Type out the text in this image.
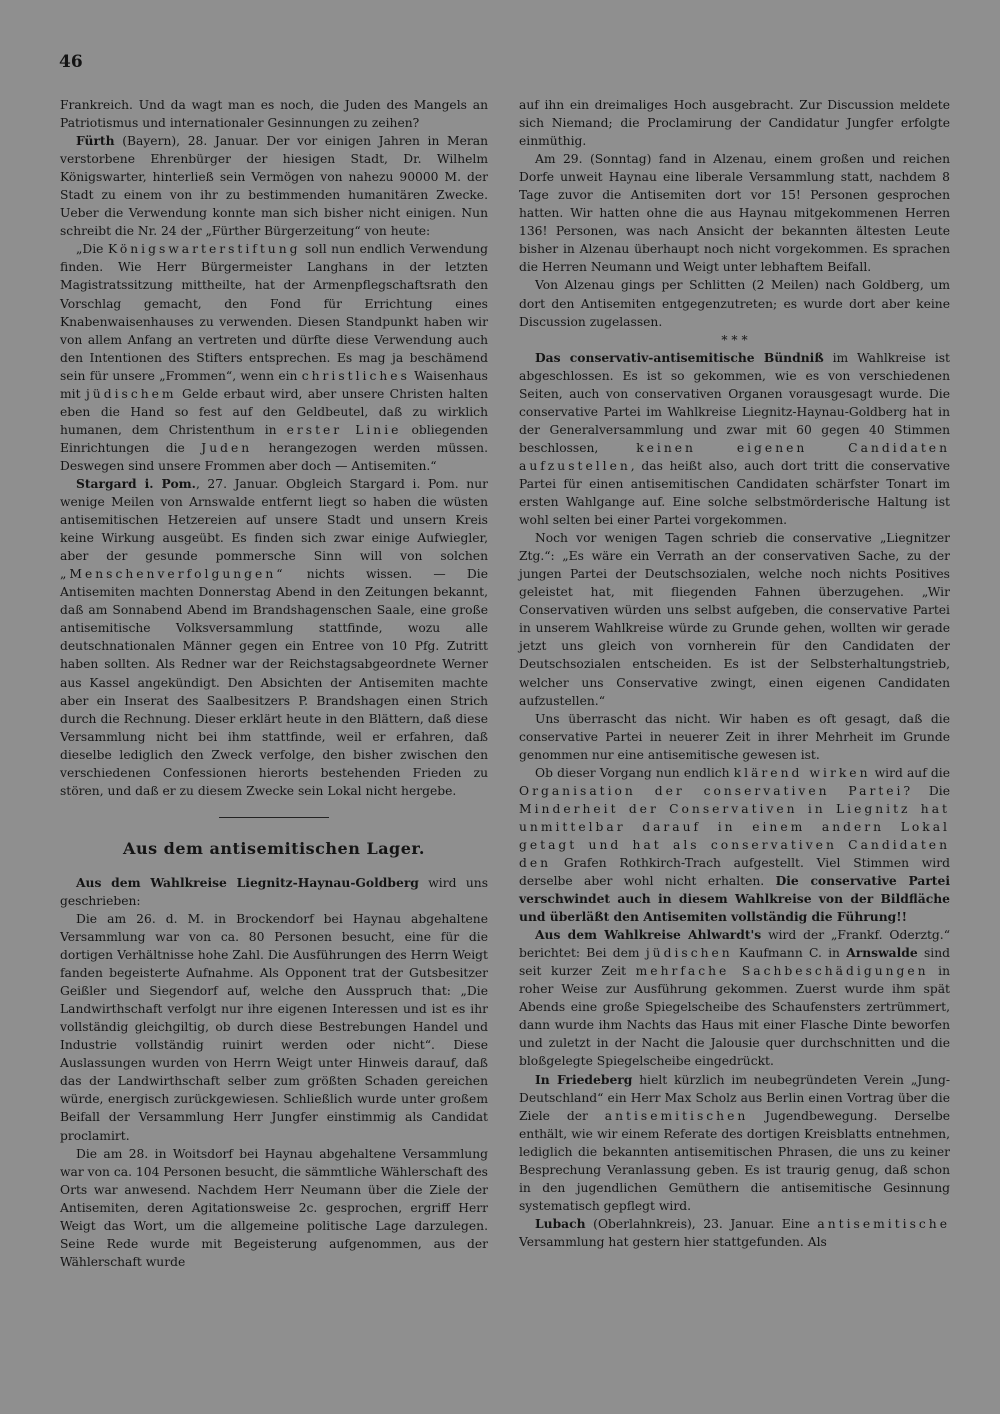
46

Frankreich. Und da wagt man es noch, die Juden des Mangels an Patriotismus und internationaler Gesinnungen zu zeihen?

Fürth (Bayern), 28. Januar. Der vor einigen Jahren in Meran verstorbene Ehrenbürger der hiesigen Stadt, Dr. Wilhelm Königswarter, hinterließ sein Vermögen von nahezu 90000 M. der Stadt zu einem von ihr zu bestimmenden humanitären Zwecke. Ueber die Verwendung konnte man sich bisher nicht einigen. Nun schreibt die Nr. 24 der „Fürther Bürgerzeitung“ von heute:

„Die Königswarterstiftung soll nun endlich Verwendung finden. Wie Herr Bürgermeister Langhans in der letzten Magistratssitzung mittheilte, hat der Armenpflegschaftsrath den Vorschlag gemacht, den Fond für Errichtung eines Knabenwaisenhauses zu verwenden. Diesen Standpunkt haben wir von allem Anfang an vertreten und dürfte diese Verwendung auch den Intentionen des Stifters entsprechen. Es mag ja beschämend sein für unsere „Frommen“, wenn ein christliches Waisenhaus mit jüdischem Gelde erbaut wird, aber unsere Christen halten eben die Hand so fest auf den Geldbeutel, daß zu wirklich humanen, dem Christenthum in erster Linie obliegenden Einrichtungen die Juden herangezogen werden müssen. Deswegen sind unsere Frommen aber doch — Antisemiten.“

Stargard i. Pom., 27. Januar. Obgleich Stargard i. Pom. nur wenige Meilen von Arnswalde entfernt liegt so haben die wüsten antisemitischen Hetzereien auf unsere Stadt und unsern Kreis keine Wirkung ausgeübt. Es finden sich zwar einige Aufwiegler, aber der gesunde pommersche Sinn will von solchen „Menschenverfolgungen“ nichts wissen. — Die Antisemiten machten Donnerstag Abend in den Zeitungen bekannt, daß am Sonnabend Abend im Brandshagenschen Saale, eine große antisemitische Volksversammlung stattfinde, wozu alle deutschnationalen Männer gegen ein Entree von 10 Pfg. Zutritt haben sollten. Als Redner war der Reichstagsabgeordnete Werner aus Kassel angekündigt. Den Absichten der Antisemiten machte aber ein Inserat des Saalbesitzers P. Brandshagen einen Strich durch die Rechnung. Dieser erklärt heute in den Blättern, daß diese Versammlung nicht bei ihm stattfinde, weil er erfahren, daß dieselbe lediglich den Zweck verfolge, den bisher zwischen den verschiedenen Confessionen hierorts bestehenden Frieden zu stören, und daß er zu diesem Zwecke sein Lokal nicht hergebe.

Aus dem antisemitischen Lager.

Aus dem Wahlkreise Liegnitz-Haynau-Goldberg wird uns geschrieben:

Die am 26. d. M. in Brockendorf bei Haynau abgehaltene Versammlung war von ca. 80 Personen besucht, eine für die dortigen Verhältnisse hohe Zahl. Die Ausführungen des Herrn Weigt fanden begeisterte Aufnahme. Als Opponent trat der Gutsbesitzer Geißler und Siegendorf auf, welche den Ausspruch that: „Die Landwirthschaft verfolgt nur ihre eigenen Interessen und ist es ihr vollständig gleichgiltig, ob durch diese Bestrebungen Handel und Industrie vollständig ruinirt werden oder nicht“. Diese Auslassungen wurden von Herrn Weigt unter Hinweis darauf, daß das der Landwirthschaft selber zum größten Schaden gereichen würde, energisch zurückgewiesen. Schließlich wurde unter großem Beifall der Versammlung Herr Jungfer einstimmig als Candidat proclamirt.

Die am 28. in Woitsdorf bei Haynau abgehaltene Versammlung war von ca. 104 Personen besucht, die sämmtliche Wählerschaft des Orts war anwesend. Nachdem Herr Neumann über die Ziele der Antisemiten, deren Agitationsweise 2c. gesprochen, ergriff Herr Weigt das Wort, um die allgemeine politische Lage darzulegen. Seine Rede wurde mit Begeisterung aufgenommen, aus der Wählerschaft wurde

auf ihn ein dreimaliges Hoch ausgebracht. Zur Discussion meldete sich Niemand; die Proclamirung der Candidatur Jungfer erfolgte einmüthig.

Am 29. (Sonntag) fand in Alzenau, einem großen und reichen Dorfe unweit Haynau eine liberale Versammlung statt, nachdem 8 Tage zuvor die Antisemiten dort vor 15! Personen gesprochen hatten. Wir hatten ohne die aus Haynau mitgekommenen Herren 136! Personen, was nach Ansicht der bekannten ältesten Leute bisher in Alzenau überhaupt noch nicht vorgekommen. Es sprachen die Herren Neumann und Weigt unter lebhaftem Beifall.

Von Alzenau gings per Schlitten (2 Meilen) nach Goldberg, um dort den Antisemiten entgegenzutreten; es wurde dort aber keine Discussion zugelassen.

* * *

Das conservativ-antisemitische Bündniß im Wahlkreise ist abgeschlossen. Es ist so gekommen, wie es von verschiedenen Seiten, auch von conservativen Organen vorausgesagt wurde. Die conservative Partei im Wahlkreise Liegnitz-Haynau-Goldberg hat in der Generalversammlung und zwar mit 60 gegen 40 Stimmen beschlossen, keinen eigenen Candidaten aufzustellen, das heißt also, auch dort tritt die conservative Partei für einen antisemitischen Candidaten schärfster Tonart im ersten Wahlgange auf. Eine solche selbstmörderische Haltung ist wohl selten bei einer Partei vorgekommen.

Noch vor wenigen Tagen schrieb die conservative „Liegnitzer Ztg.“: „Es wäre ein Verrath an der conservativen Sache, zu der jungen Partei der Deutschsozialen, welche noch nichts Positives geleistet hat, mit fliegenden Fahnen überzugehen. „Wir Conservativen würden uns selbst aufgeben, die conservative Partei in unserem Wahlkreise würde zu Grunde gehen, wollten wir gerade jetzt uns gleich von vornherein für den Candidaten der Deutschsozialen entscheiden. Es ist der Selbsterhaltungstrieb, welcher uns Conservative zwingt, einen eigenen Candidaten aufzustellen.“

Uns überrascht das nicht. Wir haben es oft gesagt, daß die conservative Partei in neuerer Zeit in ihrer Mehrheit im Grunde genommen nur eine antisemitische gewesen ist.

Ob dieser Vorgang nun endlich klärend wirken wird auf die Organisation der conservativen Partei? Die Minderheit der Conservativen in Liegnitz hat unmittelbar darauf in einem andern Lokal getagt und hat als conservativen Candidaten den Grafen Rothkirch-Trach aufgestellt. Viel Stimmen wird derselbe aber wohl nicht erhalten. Die conservative Partei verschwindet auch in diesem Wahlkreise von der Bildfläche und überläßt den Antisemiten vollständig die Führung!!

Aus dem Wahlkreise Ahlwardt's wird der „Frankf. Oderztg.“ berichtet: Bei dem jüdischen Kaufmann C. in Arnswalde sind seit kurzer Zeit mehrfache Sachbeschädigungen in roher Weise zur Ausführung gekommen. Zuerst wurde ihm spät Abends eine große Spiegelscheibe des Schaufensters zertrümmert, dann wurde ihm Nachts das Haus mit einer Flasche Dinte beworfen und zuletzt in der Nacht die Jalousie quer durchschnitten und die bloßgelegte Spiegelscheibe eingedrückt.

In Friedeberg hielt kürzlich im neubegründeten Verein „Jung-Deutschland“ ein Herr Max Scholz aus Berlin einen Vortrag über die Ziele der antisemitischen Jugendbewegung. Derselbe enthält, wie wir einem Referate des dortigen Kreisblatts entnehmen, lediglich die bekannten antisemitischen Phrasen, die uns zu keiner Besprechung Veranlassung geben. Es ist traurig genug, daß schon in den jugendlichen Gemüthern die antisemitische Gesinnung systematisch gepflegt wird.

Lubach (Oberlahnkreis), 23. Januar. Eine antisemitische Versammlung hat gestern hier stattgefunden. Als
